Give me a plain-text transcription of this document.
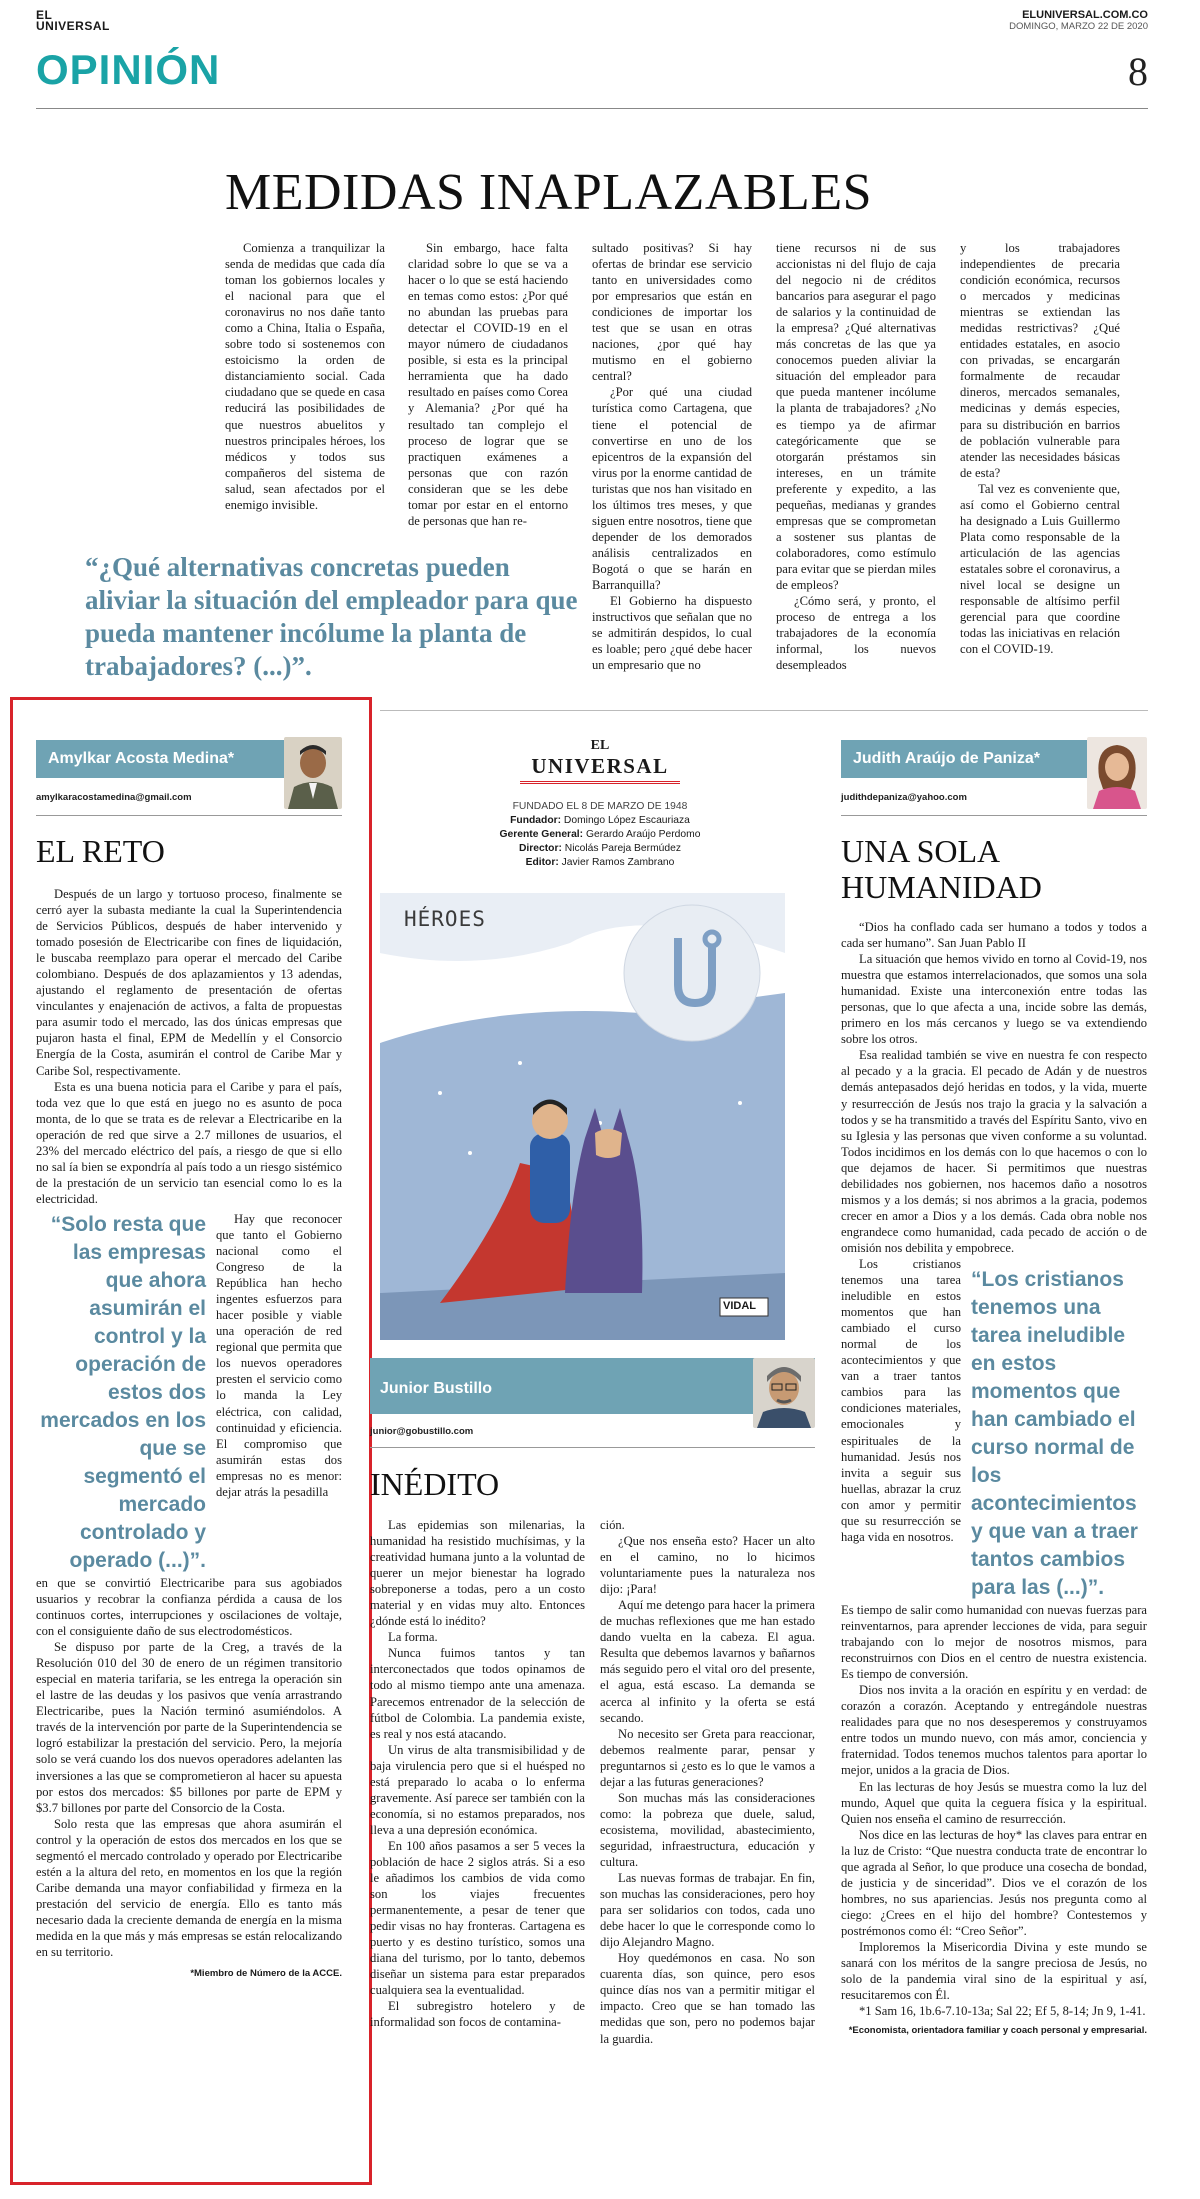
EL
UNIVERSAL
ELUNIVERSAL.COM.CO
DOMINGO, MARZO 22 DE 2020
OPINIÓN	8
MEDIDAS INAPLAZABLES

Comienza a tranquilizar la senda de medidas que cada día toman los gobiernos locales y el nacional para que el coronavirus no nos dañe tanto como a China, Italia o España, sobre todo si sostenemos con estoicismo la orden de distanciamiento social. Cada ciudadano que se quede en casa reducirá las posibilidades de que nuestros abuelitos y nuestros principales héroes, los médicos y todos sus compañeros del sistema de salud, sean afectados por el enemigo invisible.

Sin embargo, hace falta claridad sobre lo que se va a hacer o lo que se está haciendo en temas como estos: ¿Por qué no abundan las pruebas para detectar el COVID-19 en el mayor número de ciudadanos posible, si esta es la principal herramienta que ha dado resultado en países como Corea y Alemania? ¿Por qué ha resultado tan complejo el proceso de lograr que se practiquen exámenes a personas que con razón consideran que se les debe tomar por estar en el entorno de personas que han re-

sultado positivas? Si hay ofertas de brindar ese servicio tanto en universidades como por empresarios que están en condiciones de importar los test que se usan en otras naciones, ¿por qué hay mutismo en el gobierno central?

¿Por qué una ciudad turística como Cartagena, que tiene el potencial de convertirse en uno de los epicentros de la expansión del virus por la enorme cantidad de turistas que nos han visitado en los últimos tres meses, y que siguen entre nosotros, tiene que depender de los demorados análisis centralizados en Bogotá o que se harán en Barranquilla?

El Gobierno ha dispuesto instructivos que señalan que no se admitirán despidos, lo cual es loable; pero ¿qué debe hacer un empresario que no

tiene recursos ni de sus accionistas ni del flujo de caja del negocio ni de créditos bancarios para asegurar el pago de salarios y la continuidad de la empresa? ¿Qué alternativas más concretas de las que ya conocemos pueden aliviar la situación del empleador para que pueda mantener incólume la planta de trabajadores? ¿No es tiempo ya de afirmar categóricamente que se otorgarán préstamos sin intereses, en un trámite preferente y expedito, a las pequeñas, medianas y grandes empresas que se comprometan a sostener sus plantas de colaboradores, como estímulo para evitar que se pierdan miles de empleos?

¿Cómo será, y pronto, el proceso de entrega a los trabajadores de la economía informal, los nuevos desempleados

y los trabajadores independientes de precaria condición económica, recursos o mercados y medicinas mientras se extiendan las medidas restrictivas? ¿Qué entidades estatales, en asocio con privadas, se encargarán formalmente de recaudar dineros, mercados semanales, medicinas y demás especies, para su distribución en barrios de población vulnerable para atender las necesidades básicas de esta?

Tal vez es conveniente que, así como el Gobierno central ha designado a Luis Guillermo Plata como responsable de la articulación de las agencias estatales sobre el coronavirus, a nivel local se designe un responsable de altísimo perfil gerencial para que coordine todas las iniciativas en relación con el COVID-19.

“¿Qué alternativas concretas pueden aliviar la situación del empleador para que pueda mantener incólume la planta de trabajadores? (...)”.
Amylkar Acosta Medina*
amylkaracostamedina@gmail.com
EL RETO

Después de un largo y tortuoso proceso, finalmente se cerró ayer la subasta mediante la cual la Superintendencia de Servicios Públicos, después de haber intervenido y tomado posesión de Electricaribe con fines de liquidación, le buscaba reemplazo para operar el mercado del Caribe colombiano. Después de dos aplazamientos y 13 adendas, ajustando el reglamento de presentación de ofertas vinculantes y enajenación de activos, a falta de propuestas para asumir todo el mercado, las dos únicas empresas que pujaron hasta el final, EPM de Medellín y el Consorcio Energía de la Costa, asumirán el control de Caribe Mar y Caribe Sol, respectivamente.

Esta es una buena noticia para el Caribe y para el país, toda vez que lo que está en juego no es asunto de poca monta, de lo que se trata es de relevar a Electricaribe en la operación de red que sirve a 2.7 millones de usuarios, el 23% del mercado eléctrico del país, a riesgo de que si ello no sal ía bien se expondría al país todo a un riesgo sistémico de la prestación de un servicio tan esencial como lo es la electricidad.

“Solo resta que las empresas que ahora asumirán el control y la operación de estos dos mercados en los que se segmentó el mercado controlado y operado (...)”.

Hay que reconocer que tanto el Gobierno nacional como el Congreso de la República han hecho ingentes esfuerzos para hacer posible y viable una operación de red regional que permita que los nuevos operadores presten el servicio como lo manda la Ley eléctrica, con calidad, continuidad y eficiencia. El compromiso que asumirán estas dos empresas no es menor: dejar atrás la pesadilla

en que se convirtió Electricaribe para sus agobiados usuarios y recobrar la confianza pérdida a causa de los continuos cortes, interrupciones y oscilaciones de voltaje, con el consiguiente daño de sus electrodomésticos.

Se dispuso por parte de la Creg, a través de la Resolución 010 del 30 de enero de un régimen transitorio especial en materia tarifaria, se les entrega la operación sin el lastre de las deudas y los pasivos que venía arrastrando Electricaribe, pues la Nación terminó asumiéndolos. A través de la intervención por parte de la Superintendencia se logró estabilizar la prestación del servicio. Pero, la mejoría solo se verá cuando los dos nuevos operadores adelanten las inversiones a las que se comprometieron al hacer su apuesta por estos dos mercados: $5 billones por parte de EPM y $3.7 billones por parte del Consorcio de la Costa.

Solo resta que las empresas que ahora asumirán el control y la operación de estos dos mercados en los que se segmentó el mercado controlado y operado por Electricaribe estén a la altura del reto, en momentos en los que la región Caribe demanda una mayor confiabilidad y firmeza en la prestación del servicio de energía. Ello es tanto más necesario dada la creciente demanda de energía en la misma medida en la que más y más empresas se están relocalizando en su territorio.

*Miembro de Número de la ACCE.
EL
UNIVERSAL
FUNDADO EL 8 DE MARZO DE 1948
Fundador: Domingo López Escauriaza
Gerente General: Gerardo Araújo Perdomo
Director: Nicolás Pareja Bermúdez
Editor: Javier Ramos Zambrano
HÉROES
VIDAL
Junior Bustillo
junior@gobustillo.com
INÉDITO

Las epidemias son milenarias, la humanidad ha resistido muchísimas, y la creatividad humana junto a la voluntad de querer un mejor bienestar ha logrado sobreponerse a todas, pero a un costo material y en vidas muy alto. Entonces ¿dónde está lo inédito?

La forma.

Nunca fuimos tantos y tan interconectados que todos opinamos de todo al mismo tiempo ante una amenaza. Parecemos entrenador de la selección de fútbol de Colombia. La pandemia existe, es real y nos está atacando.

Un virus de alta transmisibilidad y de baja virulencia pero que si el huésped no está preparado lo acaba o lo enferma gravemente. Así parece ser también con la economía, si no estamos preparados, nos lleva a una depresión económica.

En 100 años pasamos a ser 5 veces la población de hace 2 siglos atrás. Si a eso le añadimos los cambios de vida como son los viajes frecuentes permanentemente, a pesar de tener que pedir visas no hay fronteras. Cartagena es puerto y es destino turístico, somos una diana del turismo, por lo tanto, debemos diseñar un sistema para estar preparados cualquiera sea la eventualidad.

El subregistro hotelero y de informalidad son focos de contamina-

ción.

¿Que nos enseña esto? Hacer un alto en el camino, no lo hicimos voluntariamente pues la naturaleza nos dijo: ¡Para!

Aquí me detengo para hacer la primera de muchas reflexiones que me han estado dando vuelta en la cabeza. El agua. Resulta que debemos lavarnos y bañarnos más seguido pero el vital oro del presente, el agua, está escaso. La demanda se acerca al infinito y la oferta se está secando.

No necesito ser Greta para reaccionar, debemos realmente parar, pensar y preguntarnos si ¿esto es lo que le vamos a dejar a las futuras generaciones?

Son muchas más las consideraciones como: la pobreza que duele, salud, ecosistema, movilidad, abastecimiento, seguridad, infraestructura, educación y cultura.

Las nuevas formas de trabajar. En fin, son muchas las consideraciones, pero hoy para ser solidarios con todos, cada uno debe hacer lo que le corresponde como lo dijo Alejandro Magno.

Hoy quedémonos en casa. No son cuarenta días, son quince, pero esos quince días nos van a permitir mitigar el impacto. Creo que se han tomado las medidas que son, pero no podemos bajar la guardia.

Judith Araújo de Paniza*
judithdepaniza@yahoo.com
UNA SOLA
HUMANIDAD

“Dios ha conflado cada ser humano a todos y todos a cada ser humano”. San Juan Pablo II

La situación que hemos vivido en torno al Covid-19, nos muestra que estamos interrelacionados, que somos una sola humanidad. Existe una interconexión entre todas las personas, que lo que afecta a una, incide sobre las demás, primero en los más cercanos y luego se va extendiendo sobre los otros.

Esa realidad también se vive en nuestra fe con respecto al pecado y a la gracia. El pecado de Adán y de nuestros demás antepasados dejó heridas en todos, y la vida, muerte y resurrección de Jesús nos trajo la gracia y la salvación a todos y se ha transmitido a través del Espíritu Santo, vivo en su Iglesia y las personas que viven conforme a su voluntad. Todos incidimos en los demás con lo que hacemos o con lo que dejamos de hacer. Si permitimos que nuestras debilidades nos gobiernen, nos hacemos daño a nosotros mismos y a los demás; si nos abrimos a la gracia, podemos crecer en amor a Dios y a los demás. Cada obra noble nos engrandece como humanidad, cada pecado de acción o de omisión nos debilita y empobrece.

Los cristianos tenemos una tarea ineludible en estos momentos que han cambiado el curso normal de los acontecimientos y que van a traer tantos cambios para las condiciones materiales, emocionales y espirituales de la humanidad. Jesús nos invita a seguir sus huellas, abrazar la cruz con amor y permitir que su resurrección se haga vida en nosotros.

“Los cristianos tenemos una tarea ineludible en estos momentos que han cambiado el curso normal de los acontecimientos y que van a traer tantos cambios para las (...)”.

Es tiempo de salir como humanidad con nuevas fuerzas para reinventarnos, para aprender lecciones de vida, para seguir trabajando con lo mejor de nosotros mismos, para reconstruirnos con Dios en el centro de nuestra existencia. Es tiempo de conversión.

Dios nos invita a la oración en espíritu y en verdad: de corazón a corazón. Aceptando y entregándole nuestras realidades para que no nos desesperemos y construyamos entre todos un mundo nuevo, con más amor, conciencia y fraternidad. Todos tenemos muchos talentos para aportar lo mejor, unidos a la gracia de Dios.

En las lecturas de hoy Jesús se muestra como la luz del mundo, Aquel que quita la ceguera física y la espiritual. Quien nos enseña el camino de resurrección.

Nos dice en las lecturas de hoy* las claves para entrar en la luz de Cristo: “Que nuestra conducta trate de encontrar lo que agrada al Señor, lo que produce una cosecha de bondad, de justicia y de sinceridad”. Dios ve el corazón de los hombres, no sus apariencias. Jesús nos pregunta como al ciego: ¿Crees en el hijo del hombre? Contestemos y postrémonos como él: “Creo Señor”.

Imploremos la Misericordia Divina y este mundo se sanará con los méritos de la sangre preciosa de Jesús, no solo de la pandemia viral sino de la espiritual y así, resucitaremos con Él.

*1 Sam 16, 1b.6-7.10-13a; Sal 22; Ef 5, 8-14; Jn 9, 1-41.
*Economista, orientadora familiar y coach personal y empresarial.
